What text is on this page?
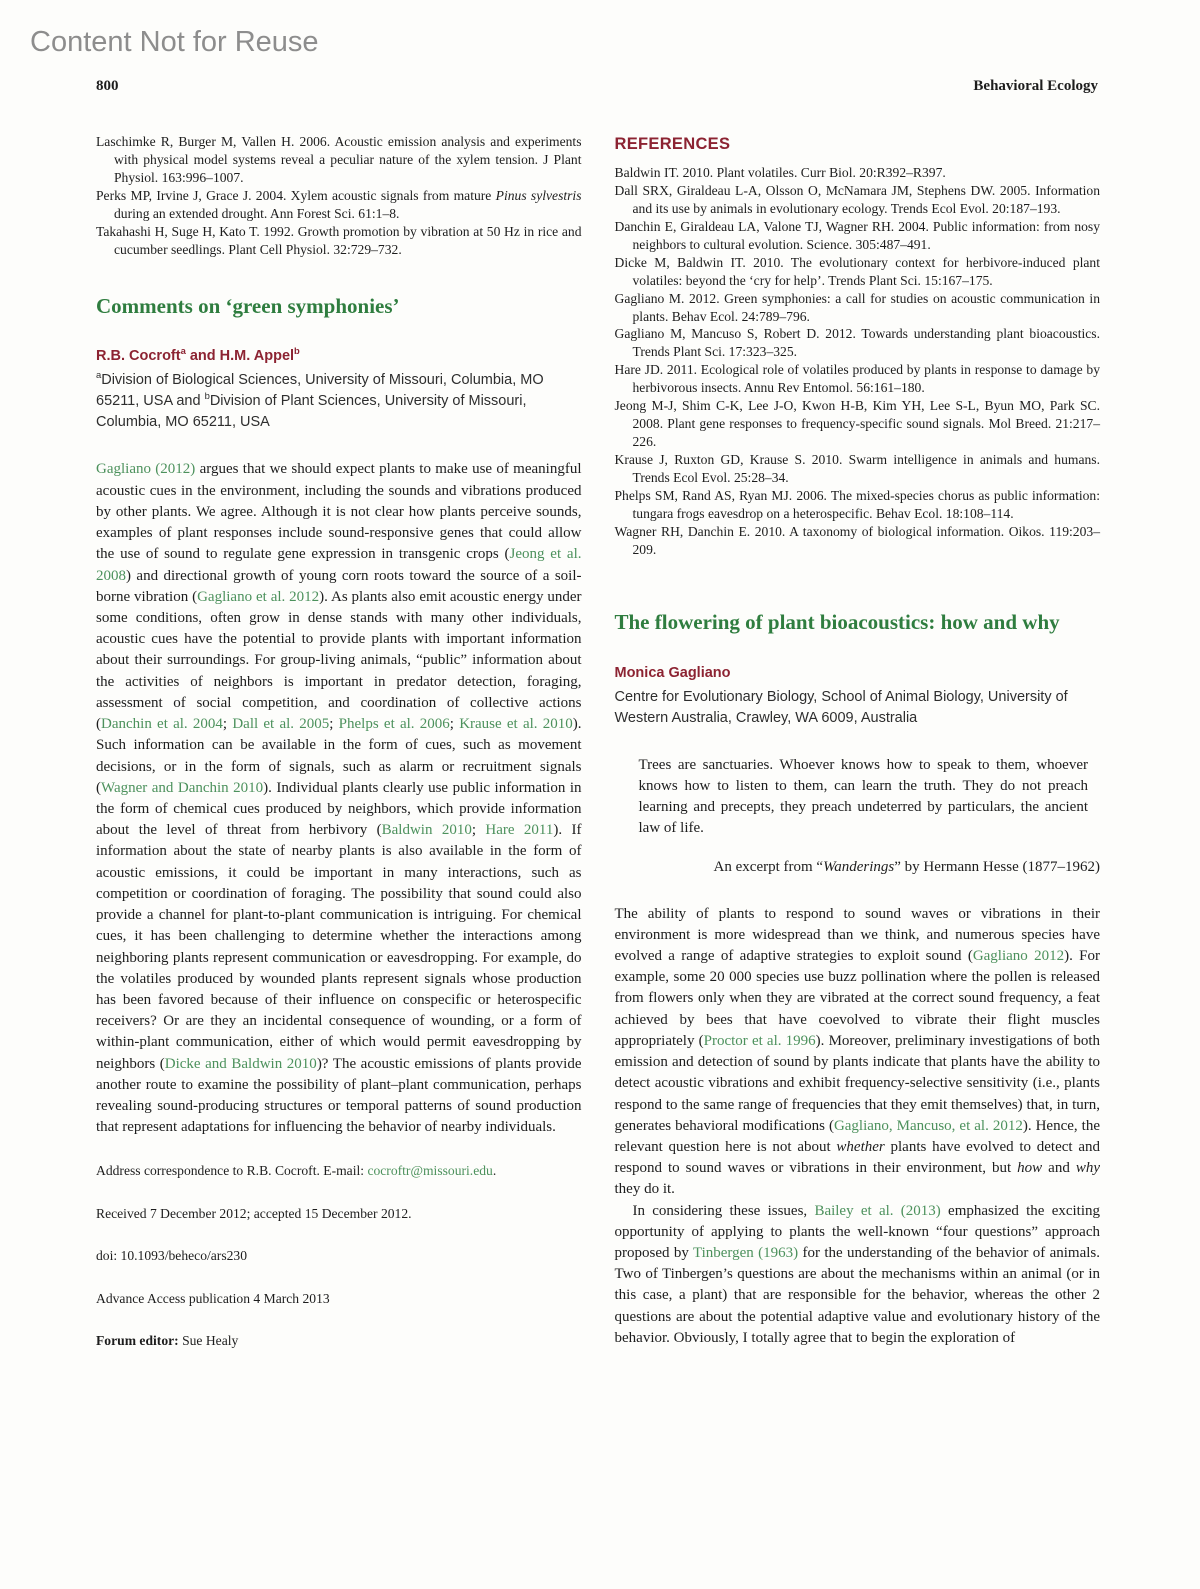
Content Not for Reuse
800	Behavioral Ecology

Laschimke R, Burger M, Vallen H. 2006. Acoustic emission analysis and experiments with physical model systems reveal a peculiar nature of the xylem tension. J Plant Physiol. 163:996–1007.

Perks MP, Irvine J, Grace J. 2004. Xylem acoustic signals from mature Pinus sylvestris during an extended drought. Ann Forest Sci. 61:1–8.

Takahashi H, Suge H, Kato T. 1992. Growth promotion by vibration at 50 Hz in rice and cucumber seedlings. Plant Cell Physiol. 32:729–732.

Comments on ‘green symphonies’
R.B. Cocroft$^a$ and H.M. Appel$^b$
$^a$Division of Biological Sciences, University of Missouri, Columbia, MO 65211, USA and $^b$Division of Plant Sciences, University of Missouri, Columbia, MO 65211, USA

Gagliano (2012) argues that we should expect plants to make use of meaningful acoustic cues in the environment, including the sounds and vibrations produced by other plants. We agree. Although it is not clear how plants perceive sounds, examples of plant responses include sound-responsive genes that could allow the use of sound to regulate gene expression in transgenic crops (Jeong et al. 2008) and directional growth of young corn roots toward the source of a soil-borne vibration (Gagliano et al. 2012). As plants also emit acoustic energy under some conditions, often grow in dense stands with many other individuals, acoustic cues have the potential to provide plants with important information about their surroundings. For group-living animals, “public” information about the activities of neighbors is important in predator detection, foraging, assessment of social competition, and coordination of collective actions (Danchin et al. 2004; Dall et al. 2005; Phelps et al. 2006; Krause et al. 2010). Such information can be available in the form of cues, such as movement decisions, or in the form of signals, such as alarm or recruitment signals (Wagner and Danchin 2010). Individual plants clearly use public information in the form of chemical cues produced by neighbors, which provide information about the level of threat from herbivory (Baldwin 2010; Hare 2011). If information about the state of nearby plants is also available in the form of acoustic emissions, it could be important in many interactions, such as competition or coordination of foraging. The possibility that sound could also provide a channel for plant-to-plant communication is intriguing. For chemical cues, it has been challenging to determine whether the interactions among neighboring plants represent communication or eavesdropping. For example, do the volatiles produced by wounded plants represent signals whose production has been favored because of their influence on conspecific or heterospecific receivers? Or are they an incidental consequence of wounding, or a form of within-plant communication, either of which would permit eavesdropping by neighbors (Dicke and Baldwin 2010)? The acoustic emissions of plants provide another route to examine the possibility of plant–plant communication, perhaps revealing sound-producing structures or temporal patterns of sound production that represent adaptations for influencing the behavior of nearby individuals.

Address correspondence to R.B. Cocroft. E-mail: cocroftr@missouri.edu.

Received 7 December 2012; accepted 15 December 2012.

doi: 10.1093/beheco/ars230

Advance Access publication 4 March 2013

Forum editor: Sue Healy

REFERENCES

Baldwin IT. 2010. Plant volatiles. Curr Biol. 20:R392–R397.

Dall SRX, Giraldeau L-A, Olsson O, McNamara JM, Stephens DW. 2005. Information and its use by animals in evolutionary ecology. Trends Ecol Evol. 20:187–193.

Danchin E, Giraldeau LA, Valone TJ, Wagner RH. 2004. Public information: from nosy neighbors to cultural evolution. Science. 305:487–491.

Dicke M, Baldwin IT. 2010. The evolutionary context for herbivore-induced plant volatiles: beyond the ‘cry for help’. Trends Plant Sci. 15:167–175.

Gagliano M. 2012. Green symphonies: a call for studies on acoustic communication in plants. Behav Ecol. 24:789–796.

Gagliano M, Mancuso S, Robert D. 2012. Towards understanding plant bioacoustics. Trends Plant Sci. 17:323–325.

Hare JD. 2011. Ecological role of volatiles produced by plants in response to damage by herbivorous insects. Annu Rev Entomol. 56:161–180.

Jeong M-J, Shim C-K, Lee J-O, Kwon H-B, Kim YH, Lee S-L, Byun MO, Park SC. 2008. Plant gene responses to frequency-specific sound signals. Mol Breed. 21:217–226.

Krause J, Ruxton GD, Krause S. 2010. Swarm intelligence in animals and humans. Trends Ecol Evol. 25:28–34.

Phelps SM, Rand AS, Ryan MJ. 2006. The mixed-species chorus as public information: tungara frogs eavesdrop on a heterospecific. Behav Ecol. 18:108–114.

Wagner RH, Danchin E. 2010. A taxonomy of biological information. Oikos. 119:203–209.

The flowering of plant bioacoustics: how and why
Monica Gagliano
Centre for Evolutionary Biology, School of Animal Biology, University of Western Australia, Crawley, WA 6009, Australia
Trees are sanctuaries. Whoever knows how to speak to them, whoever knows how to listen to them, can learn the truth. They do not preach learning and precepts, they preach undeterred by particulars, the ancient law of life.
An excerpt from “Wanderings” by Hermann Hesse (1877–1962)

The ability of plants to respond to sound waves or vibrations in their environment is more widespread than we think, and numerous species have evolved a range of adaptive strategies to exploit sound (Gagliano 2012). For example, some 20 000 species use buzz pollination where the pollen is released from flowers only when they are vibrated at the correct sound frequency, a feat achieved by bees that have coevolved to vibrate their flight muscles appropriately (Proctor et al. 1996). Moreover, preliminary investigations of both emission and detection of sound by plants indicate that plants have the ability to detect acoustic vibrations and exhibit frequency-selective sensitivity (i.e., plants respond to the same range of frequencies that they emit themselves) that, in turn, generates behavioral modifications (Gagliano, Mancuso, et al. 2012). Hence, the relevant question here is not about whether plants have evolved to detect and respond to sound waves or vibrations in their environment, but how and why they do it.

In considering these issues, Bailey et al. (2013) emphasized the exciting opportunity of applying to plants the well-known “four questions” approach proposed by Tinbergen (1963) for the understanding of the behavior of animals. Two of Tinbergen’s questions are about the mechanisms within an animal (or in this case, a plant) that are responsible for the behavior, whereas the other 2 questions are about the potential adaptive value and evolutionary history of the behavior. Obviously, I totally agree that to begin the exploration of
